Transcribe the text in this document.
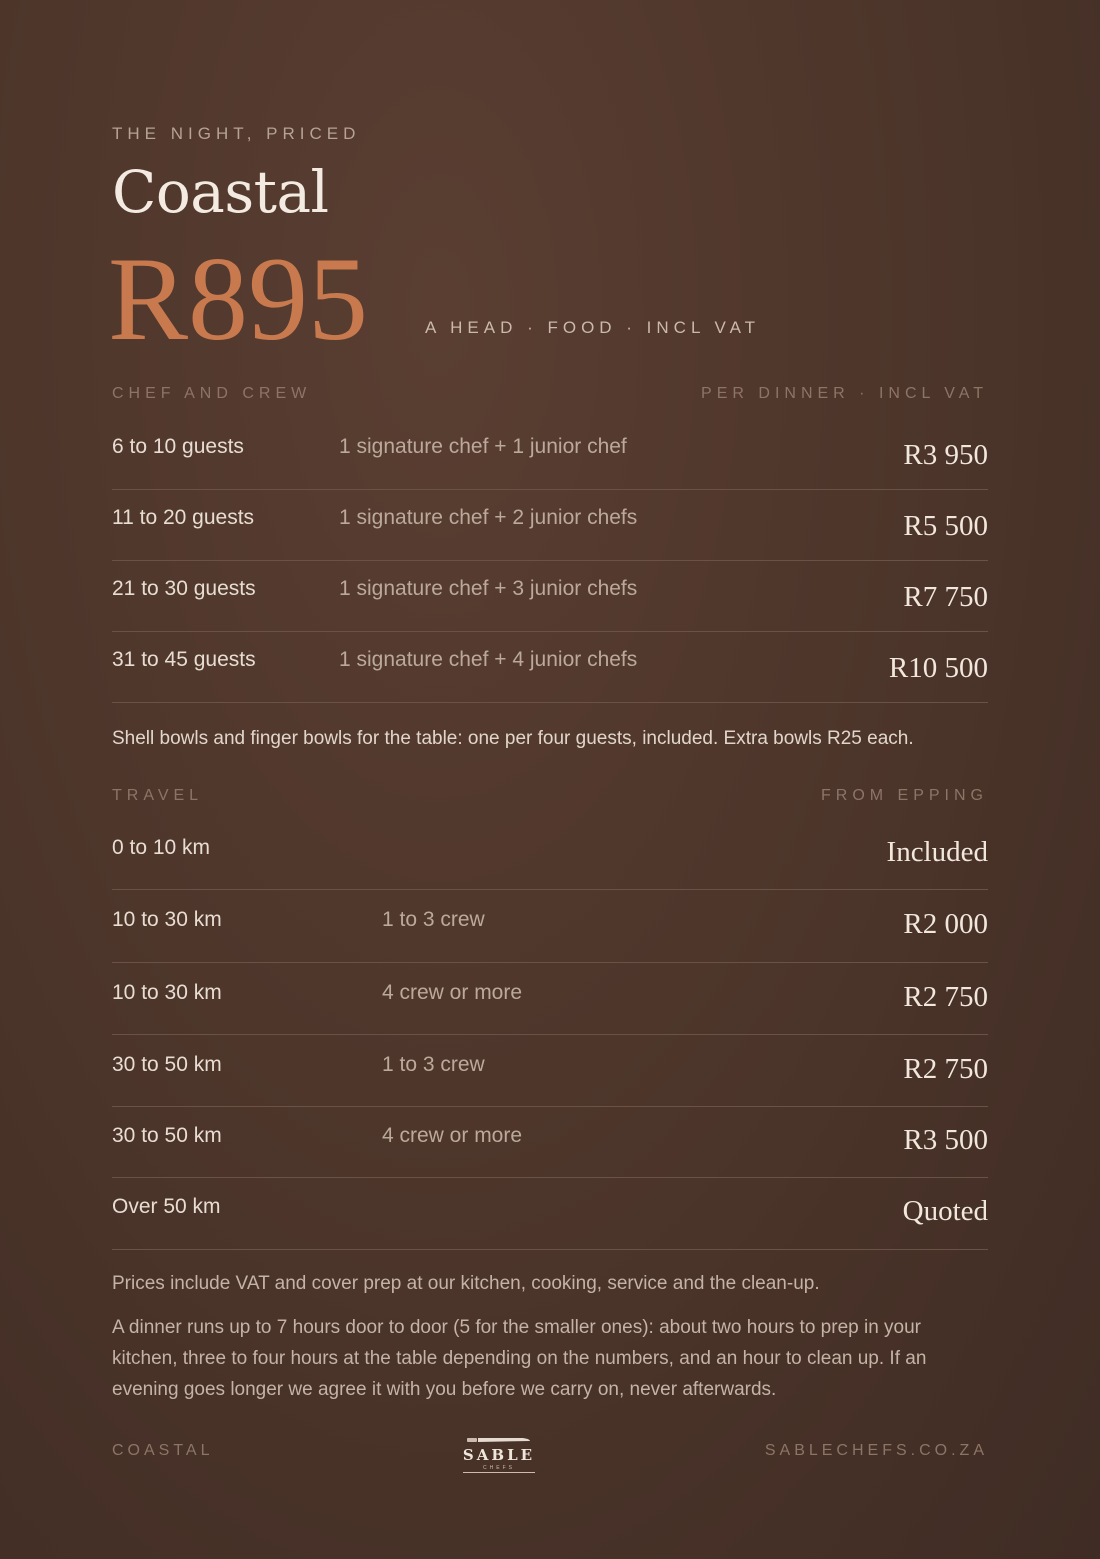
THE NIGHT, PRICED
Coastal
R895	A HEAD · FOOD · INCL VAT
CHEF AND CREW	PER DINNER · INCL VAT
6 to 10 guests	1 signature chef + 1 junior chef	R3 950
11 to 20 guests	1 signature chef + 2 junior chefs	R5 500
21 to 30 guests	1 signature chef + 3 junior chefs	R7 750
31 to 45 guests	1 signature chef + 4 junior chefs	R10 500
Shell bowls and finger bowls for the table: one per four guests, included. Extra bowls R25 each.
TRAVEL	FROM EPPING
0 to 10 km	Included
10 to 30 km	1 to 3 crew	R2 000
10 to 30 km	4 crew or more	R2 750
30 to 50 km	1 to 3 crew	R2 750
30 to 50 km	4 crew or more	R3 500
Over 50 km	Quoted
Prices include VAT and cover prep at our kitchen, cooking, service and the clean-up.
A dinner runs up to 7 hours door to door (5 for the smaller ones): about two hours to prep in your kitchen, three to four hours at the table depending on the numbers, and an hour to clean up. If an evening goes longer we agree it with you before we carry on, never afterwards.
COASTAL	SABLE
CHEFS
SABLECHEFS.CO.ZA
